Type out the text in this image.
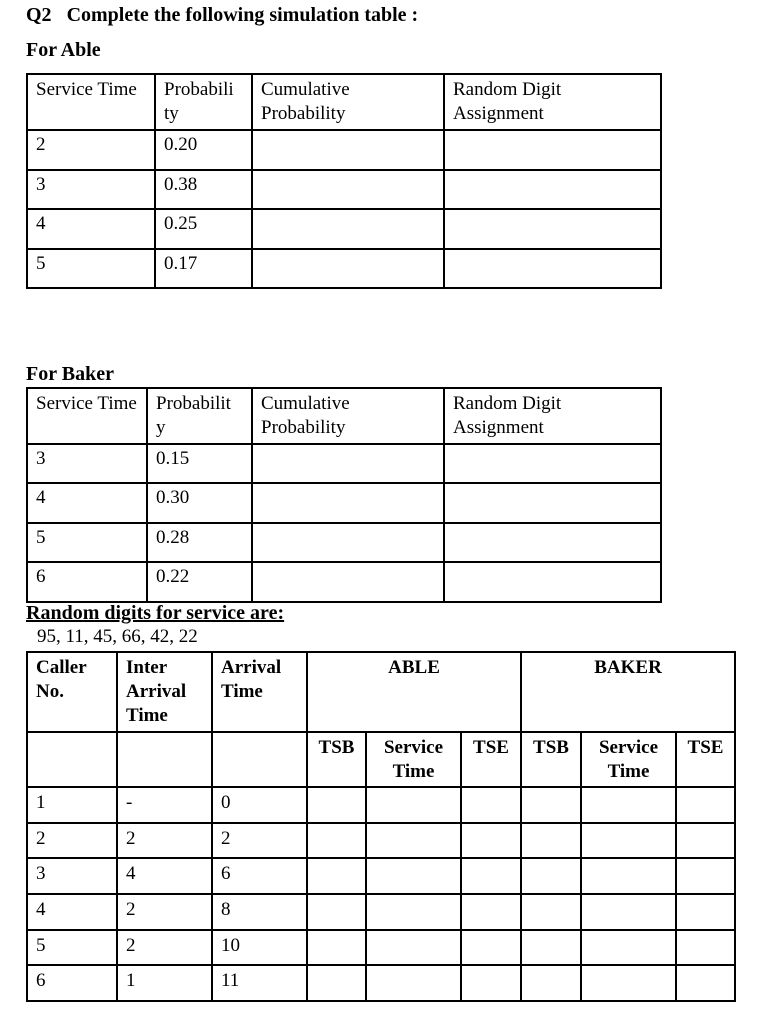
Q2 Complete the following simulation table :
For Able
Service Time	Probabili ty	Cumulative Probability	Random Digit Assignment
2	0.20		
3	0.38		
4	0.25		
5	0.17		
For Baker
Service Time	Probabilit y	Cumulative Probability	Random Digit Assignment
3	0.15		
4	0.30		
5	0.28		
6	0.22		
Random digits for service are:
95, 11, 45, 66, 42, 22
Caller No.	Inter Arrival Time	Arrival Time	ABLE			BAKER		
			TSB	Service Time	TSE	TSB	Service Time	TSE
1	-	0						
2	2	2						
3	4	6						
4	2	8						
5	2	10						
6	1	11						
